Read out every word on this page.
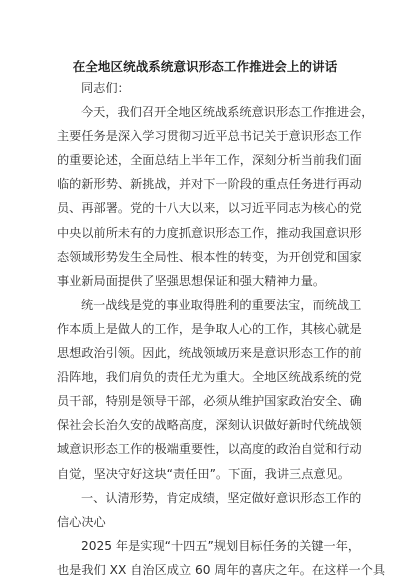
在全地区统战系统意识形态工作推进会上的讲话
同志们：
今天，我们召开全地区统战系统意识形态工作推进会，
主要任务是深入学习贯彻习近平总书记关于意识形态工作
的重要论述，全面总结上半年工作，深刻分析当前我们面
临的新形势、新挑战，并对下一阶段的重点任务进行再动
员、再部署。党的十八大以来，以习近平同志为核心的党
中央以前所未有的力度抓意识形态工作，推动我国意识形
态领域形势发生全局性、根本性的转变，为开创党和国家
事业新局面提供了坚强思想保证和强大精神力量。
统一战线是党的事业取得胜利的重要法宝，而统战工
作本质上是做人的工作，是争取人心的工作，其核心就是
思想政治引领。因此，统战领域历来是意识形态工作的前
沿阵地，我们肩负的责任尤为重大。全地区统战系统的党
员干部，特别是领导干部，必须从维护国家政治安全、确
保社会长治久安的战略高度，深刻认识做好新时代统战领
域意识形态工作的极端重要性，以高度的政治自觉和行动
自觉，坚决守好这块“责任田”。下面，我讲三点意见。
一、认清形势，肯定成绩，坚定做好意识形态工作的
信心决心
2025 年是实现“十四五”规划目标任务的关键一年，
也是我们 XX 自治区成立 60 周年的喜庆之年。在这样一个具
